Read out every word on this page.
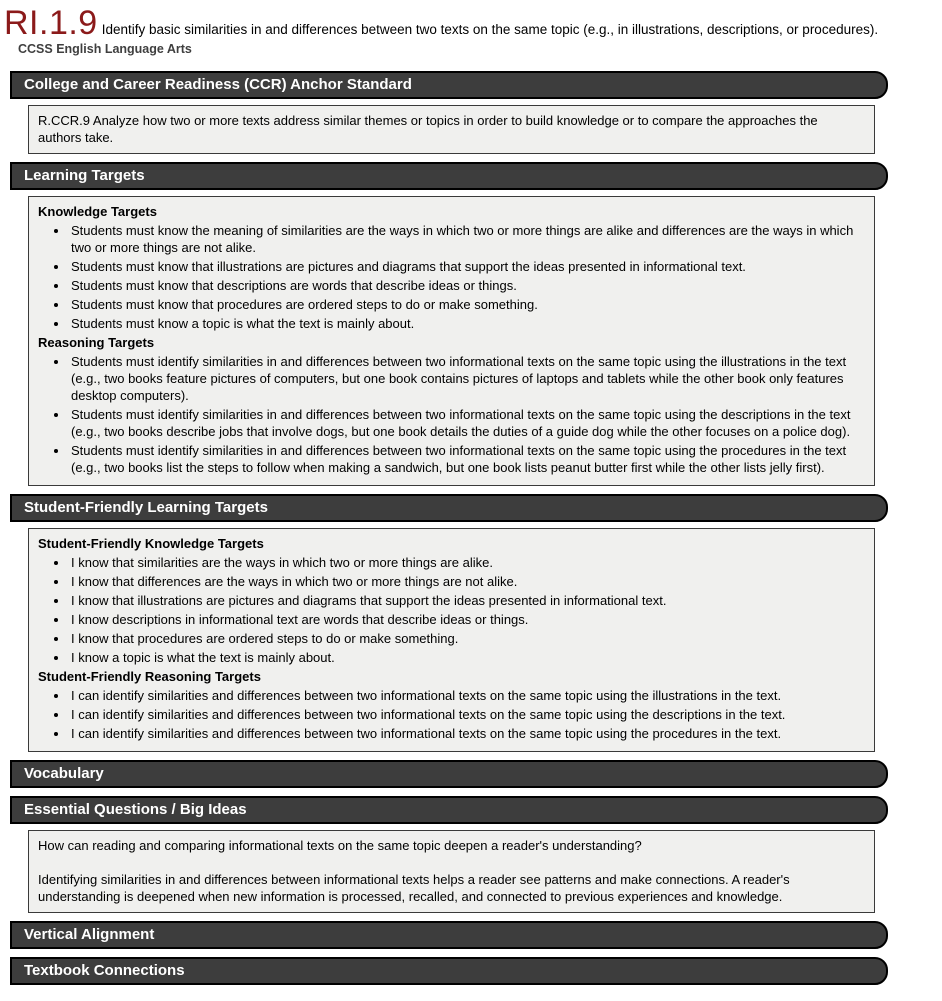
RI.1.9 Identify basic similarities in and differences between two texts on the same topic (e.g., in illustrations, descriptions, or procedures).
CCSS English Language Arts
College and Career Readiness (CCR) Anchor Standard

R.CCR.9 Analyze how two or more texts address similar themes or topics in order to build knowledge or to compare the approaches the authors take.

Learning Targets
Knowledge Targets
• Students must know the meaning of similarities are the ways in which two or more things are alike and differences are the ways in which two or more things are not alike.
• Students must know that illustrations are pictures and diagrams that support the ideas presented in informational text.
• Students must know that descriptions are words that describe ideas or things.
• Students must know that procedures are ordered steps to do or make something.
• Students must know a topic is what the text is mainly about.
Reasoning Targets
• Students must identify similarities in and differences between two informational texts on the same topic using the illustrations in the text (e.g., two books feature pictures of computers, but one book contains pictures of laptops and tablets while the other book only features desktop computers).
• Students must identify similarities in and differences between two informational texts on the same topic using the descriptions in the text (e.g., two books describe jobs that involve dogs, but one book details the duties of a guide dog while the other focuses on a police dog).
• Students must identify similarities in and differences between two informational texts on the same topic using the procedures in the text (e.g., two books list the steps to follow when making a sandwich, but one book lists peanut butter first while the other lists jelly first).
Student-Friendly Learning Targets
Student-Friendly Knowledge Targets
• I know that similarities are the ways in which two or more things are alike.
• I know that differences are the ways in which two or more things are not alike.
• I know that illustrations are pictures and diagrams that support the ideas presented in informational text.
• I know descriptions in informational text are words that describe ideas or things.
• I know that procedures are ordered steps to do or make something.
• I know a topic is what the text is mainly about.
Student-Friendly Reasoning Targets
• I can identify similarities and differences between two informational texts on the same topic using the illustrations in the text.
• I can identify similarities and differences between two informational texts on the same topic using the descriptions in the text.
• I can identify similarities and differences between two informational texts on the same topic using the procedures in the text.
Vocabulary
Essential Questions / Big Ideas

How can reading and comparing informational texts on the same topic deepen a reader's understanding?

Identifying similarities in and differences between informational texts helps a reader see patterns and make connections. A reader's understanding is deepened when new information is processed, recalled, and connected to previous experiences and knowledge.

Vertical Alignment
Textbook Connections
